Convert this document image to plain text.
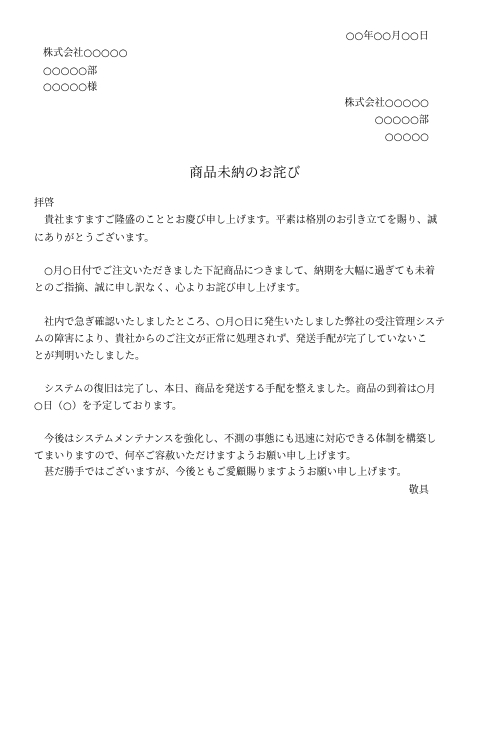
○○年○○月○○日
株式会社○○○○○
○○○○○部
○○○○○様
株式会社○○○○○
○○○○○部
○○○○○
商品未納のお詫び
拝啓
　貴社ますますご隆盛のこととお慶び申し上げます。平素は格別のお引き立てを賜り、誠
にありがとうございます。
　○月○日付でご注文いただきました下記商品につきまして、納期を大幅に過ぎても未着
とのご指摘、誠に申し訳なく、心よりお詫び申し上げます。
　社内で急ぎ確認いたしましたところ、○月○日に発生いたしました弊社の受注管理システ
ムの障害により、貴社からのご注文が正常に処理されず、発送手配が完了していないこ
とが判明いたしました。
　システムの復旧は完了し、本日、商品を発送する手配を整えました。商品の到着は○月
○日（○）を予定しております。
　今後はシステムメンテナンスを強化し、不測の事態にも迅速に対応できる体制を構築し
てまいりますので、何卒ご容赦いただけますようお願い申し上げます。
　甚だ勝手ではございますが、今後ともご愛顧賜りますようお願い申し上げます。
敬具
